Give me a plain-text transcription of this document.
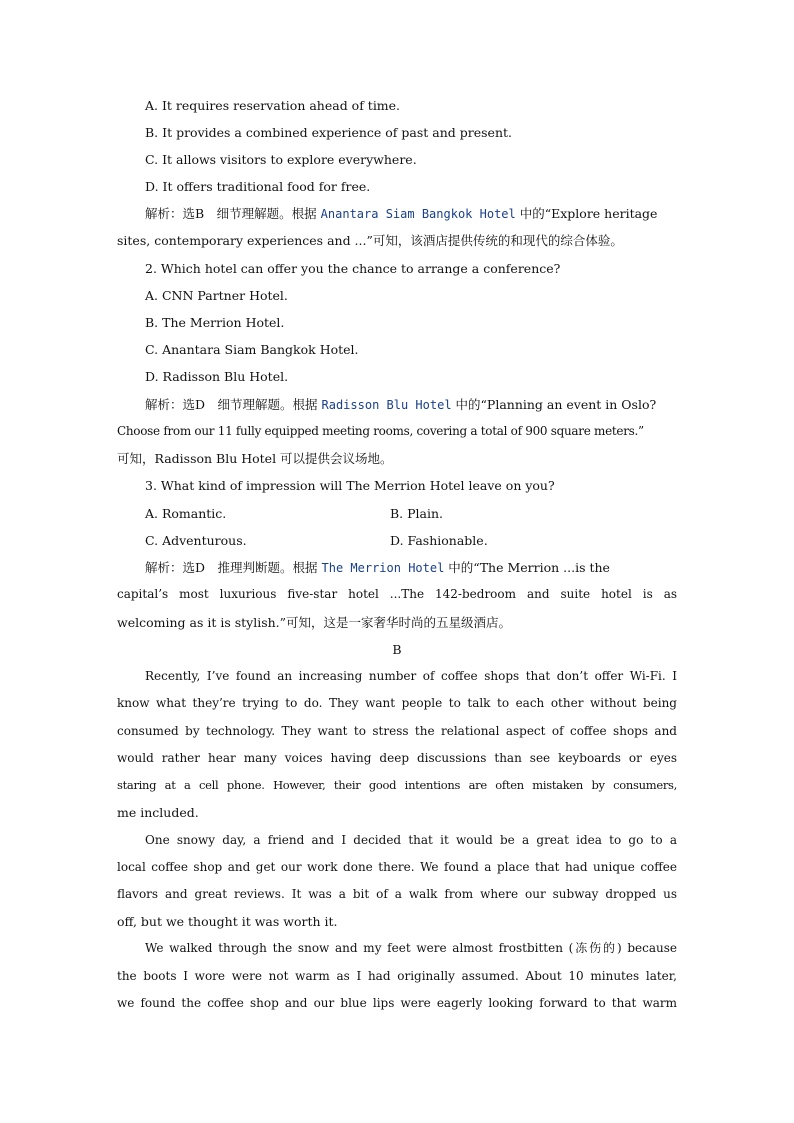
A. It requires reservation ahead of time.
B. It provides a combined experience of past and present.
C. It allows visitors to explore everywhere.
D. It offers traditional food for free.
解析：选B　细节理解题。根据 Anantara Siam Bangkok Hotel 中的“Explore heritage
sites, contemporary experiences and ...”可知，该酒店提供传统的和现代的综合体验。
2. Which hotel can offer you the chance to arrange a conference?
A. CNN Partner Hotel.
B. The Merrion Hotel.
C. Anantara Siam Bangkok Hotel.
D. Radisson Blu Hotel.
解析：选D　细节理解题。根据 Radisson Blu Hotel 中的“Planning an event in Oslo?
Choose from our 11 fully equipped meeting rooms, covering a total of 900 square meters.”
可知，Radisson Blu Hotel 可以提供会议场地。
3. What kind of impression will The Merrion Hotel leave on you?
A. Romantic.	B. Plain.
C. Adventurous.	D. Fashionable.
解析：选D　推理判断题。根据 The Merrion Hotel 中的“The Merrion ...is the
capital’s most luxurious five-star hotel ...The 142-bedroom and suite hotel is as
welcoming as it is stylish.”可知，这是一家奢华时尚的五星级酒店。
B
Recently, I’ve found an increasing number of coffee shops that don’t offer Wi-Fi. I
know what they’re trying to do. They want people to talk to each other without being
consumed by technology. They want to stress the relational aspect of coffee shops and
would rather hear many voices having deep discussions than see keyboards or eyes
staring at a cell phone. However, their good intentions are often mistaken by consumers,
me included.
One snowy day, a friend and I decided that it would be a great idea to go to a
local coffee shop and get our work done there. We found a place that had unique coffee
flavors and great reviews. It was a bit of a walk from where our subway dropped us
off, but we thought it was worth it.
We walked through the snow and my feet were almost frostbitten (冻伤的) because
the boots I wore were not warm as I had originally assumed. About 10 minutes later,
we found the coffee shop and our blue lips were eagerly looking forward to that warm
